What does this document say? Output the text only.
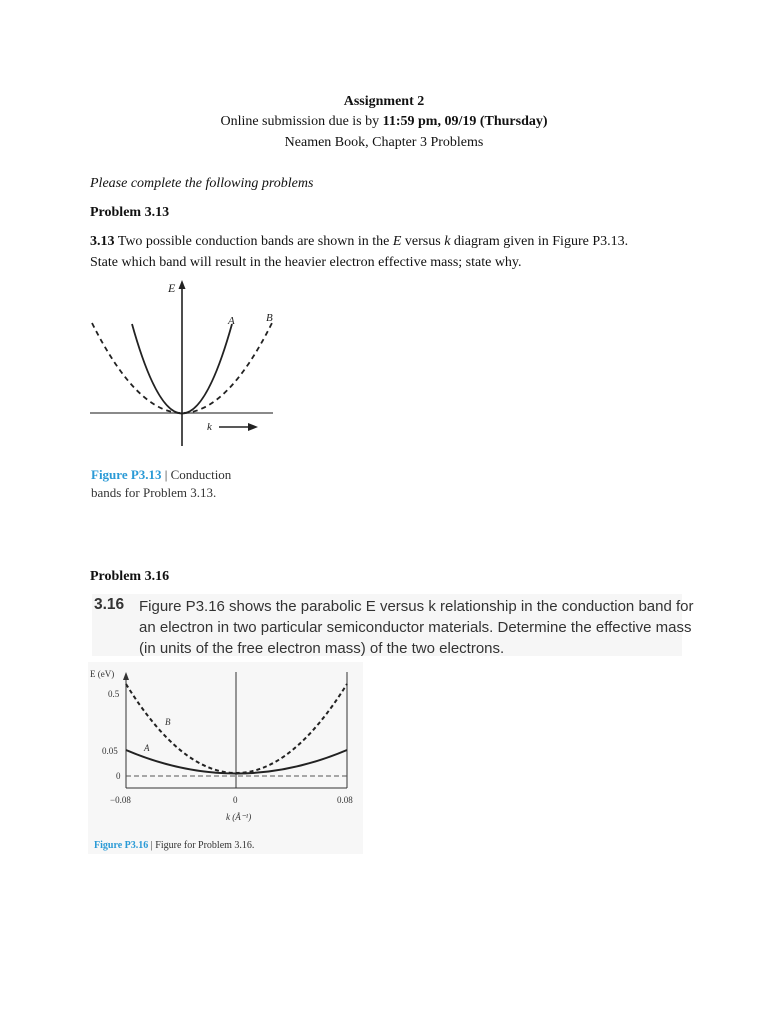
Assignment 2
Online submission due is by 11:59 pm, 09/19 (Thursday)
Neamen Book, Chapter 3 Problems
Please complete the following problems
Problem 3.13
3.13 Two possible conduction bands are shown in the E versus k diagram given in Figure P3.13.
State which band will result in the heavier electron effective mass; state why.
E
A	B
k
Figure P3.13 | Conduction
bands for Problem 3.13.
Problem 3.16
3.16 Figure P3.16 shows the parabolic E versus k relationship in the conduction band for
an electron in two particular semiconductor materials. Determine the effective mass
(in units of the free electron mass) of the two electrons.
E (eV)
0.5
0.05
0
−0.08	0	0.08
k (Å⁻¹)
A
B
Figure P3.16 | Figure for Problem 3.16.
